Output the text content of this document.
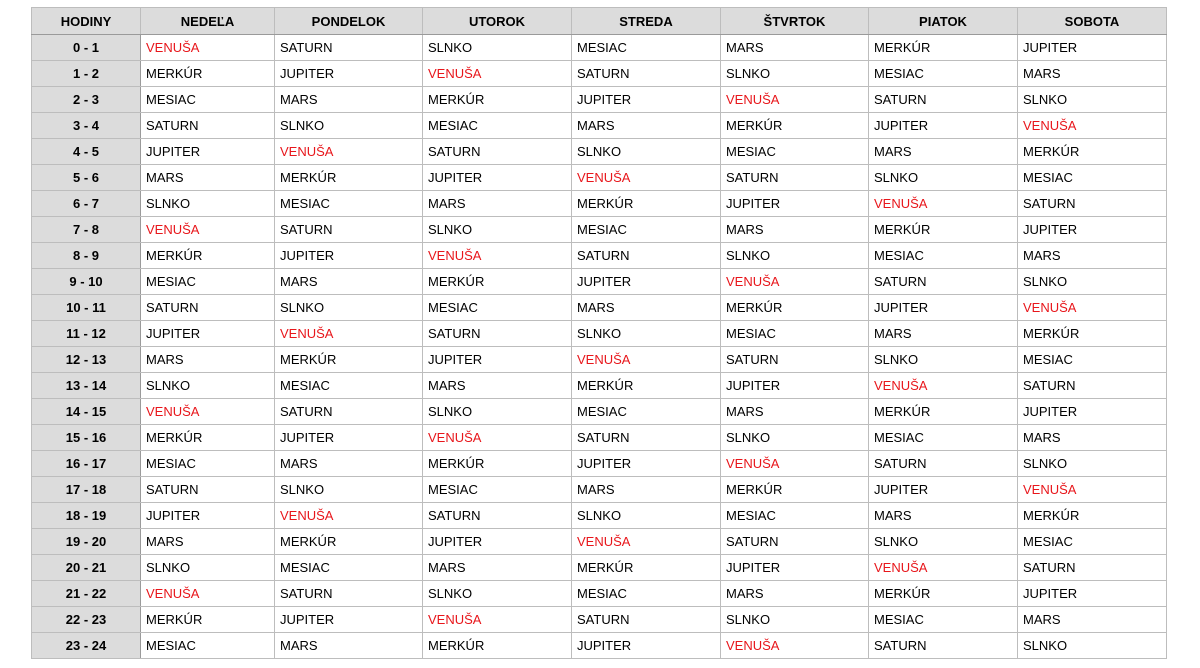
HODINY	NEDEĽA	PONDELOK	UTOROK	STREDA	ŠTVRTOK	PIATOK	SOBOTA
0 - 1	VENUŠA	SATURN	SLNKO	MESIAC	MARS	MERKÚR	JUPITER
1 - 2	MERKÚR	JUPITER	VENUŠA	SATURN	SLNKO	MESIAC	MARS
2 - 3	MESIAC	MARS	MERKÚR	JUPITER	VENUŠA	SATURN	SLNKO
3 - 4	SATURN	SLNKO	MESIAC	MARS	MERKÚR	JUPITER	VENUŠA
4 - 5	JUPITER	VENUŠA	SATURN	SLNKO	MESIAC	MARS	MERKÚR
5 - 6	MARS	MERKÚR	JUPITER	VENUŠA	SATURN	SLNKO	MESIAC
6 - 7	SLNKO	MESIAC	MARS	MERKÚR	JUPITER	VENUŠA	SATURN
7 - 8	VENUŠA	SATURN	SLNKO	MESIAC	MARS	MERKÚR	JUPITER
8 - 9	MERKÚR	JUPITER	VENUŠA	SATURN	SLNKO	MESIAC	MARS
9 - 10	MESIAC	MARS	MERKÚR	JUPITER	VENUŠA	SATURN	SLNKO
10 - 11	SATURN	SLNKO	MESIAC	MARS	MERKÚR	JUPITER	VENUŠA
11 - 12	JUPITER	VENUŠA	SATURN	SLNKO	MESIAC	MARS	MERKÚR
12 - 13	MARS	MERKÚR	JUPITER	VENUŠA	SATURN	SLNKO	MESIAC
13 - 14	SLNKO	MESIAC	MARS	MERKÚR	JUPITER	VENUŠA	SATURN
14 - 15	VENUŠA	SATURN	SLNKO	MESIAC	MARS	MERKÚR	JUPITER
15 - 16	MERKÚR	JUPITER	VENUŠA	SATURN	SLNKO	MESIAC	MARS
16 - 17	MESIAC	MARS	MERKÚR	JUPITER	VENUŠA	SATURN	SLNKO
17 - 18	SATURN	SLNKO	MESIAC	MARS	MERKÚR	JUPITER	VENUŠA
18 - 19	JUPITER	VENUŠA	SATURN	SLNKO	MESIAC	MARS	MERKÚR
19 - 20	MARS	MERKÚR	JUPITER	VENUŠA	SATURN	SLNKO	MESIAC
20 - 21	SLNKO	MESIAC	MARS	MERKÚR	JUPITER	VENUŠA	SATURN
21 - 22	VENUŠA	SATURN	SLNKO	MESIAC	MARS	MERKÚR	JUPITER
22 - 23	MERKÚR	JUPITER	VENUŠA	SATURN	SLNKO	MESIAC	MARS
23 - 24	MESIAC	MARS	MERKÚR	JUPITER	VENUŠA	SATURN	SLNKO
